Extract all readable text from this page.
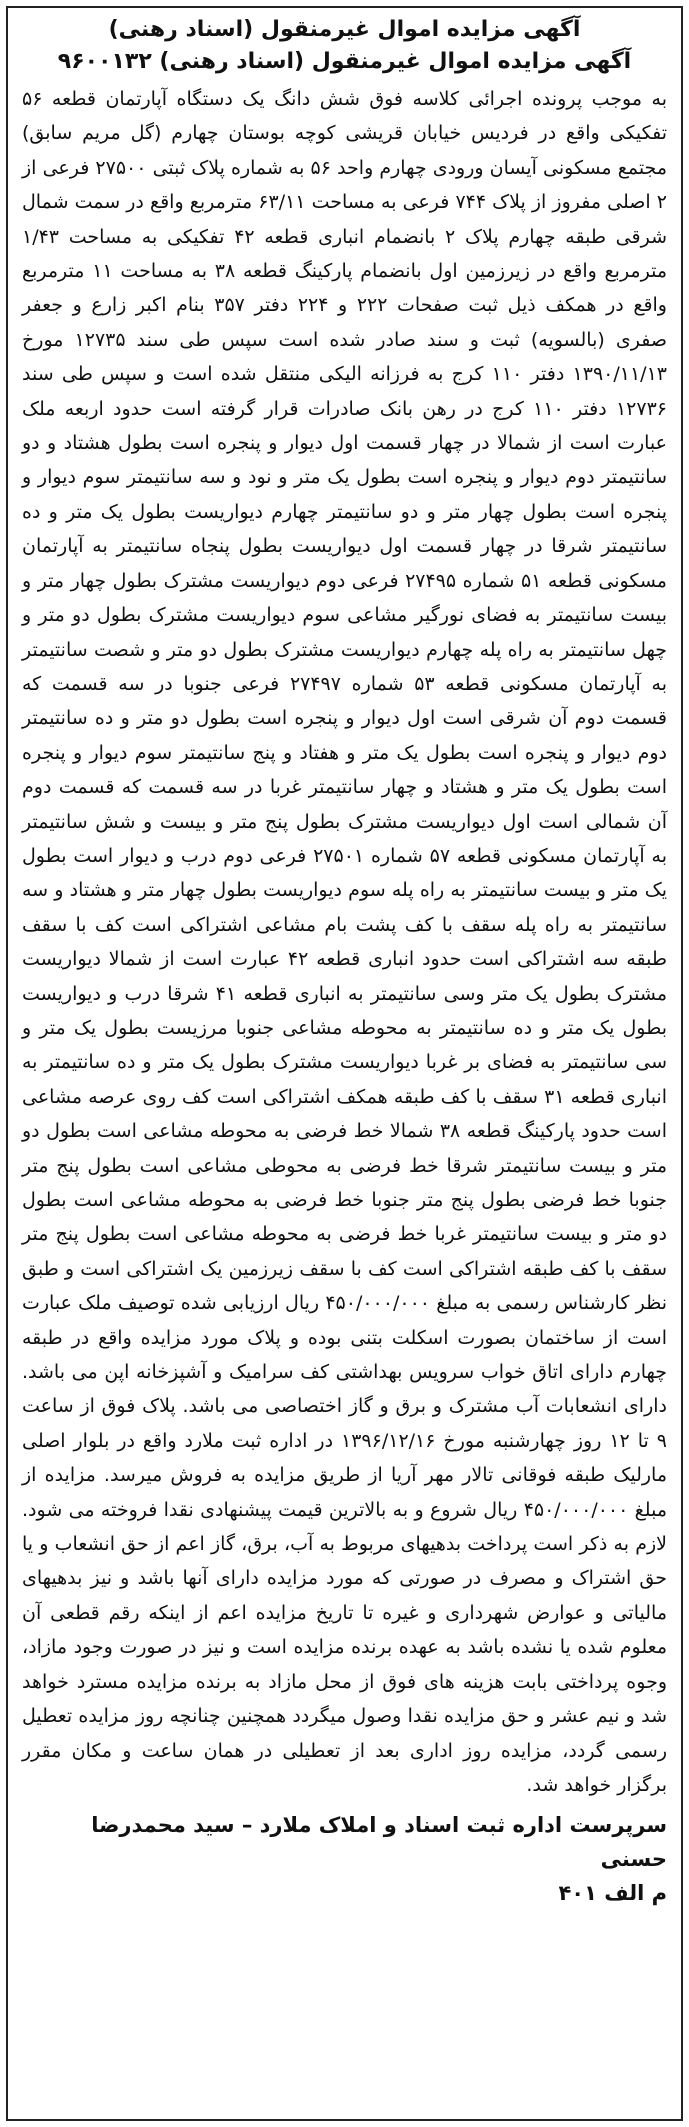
آگهی مزایده اموال غیرمنقول (اسناد رهنی)
آگهی مزایده اموال غیرمنقول (اسناد رهنی) ۹۶۰۰۱۳۲

به موجب پرونده اجرائی کلاسه فوق شش دانگ یک دستگاه آپارتمان قطعه ۵۶ تفکیکی واقع در فردیس خیابان قریشی کوچه بوستان چهارم (گل مریم سابق) مجتمع مسکونی آیسان ورودی چهارم واحد ۵۶ به شماره پلاک ثبتی ۲۷۵۰۰ فرعی از ۲ اصلی مفروز از پلاک ۷۴۴ فرعی به مساحت ۶۳/۱۱ مترمربع واقع در سمت شمال شرقی طبقه چهارم پلاک ۲ بانضمام انباری قطعه ۴۲ تفکیکی به مساحت ۱/۴۳ مترمربع واقع در زیرزمین اول بانضمام پارکینگ قطعه ۳۸ به مساحت ۱۱ مترمربع واقع در همکف ذیل ثبت صفحات ۲۲۲ و ۲۲۴ دفتر ۳۵۷ بنام اکبر زارع و جعفر صفری (بالسویه) ثبت و سند صادر شده است سپس طی سند ۱۲۷۳۵ مورخ ۱۳۹۰/۱۱/۱۳ دفتر ۱۱۰ کرج به فرزانه الیکی منتقل شده است و سپس طی سند ۱۲۷۳۶ دفتر ۱۱۰ کرج در رهن بانک صادرات قرار گرفته است حدود اربعه ملک عبارت است از شمالا در چهار قسمت اول دیوار و پنجره است بطول هشتاد و دو سانتیمتر دوم دیوار و پنجره است بطول یک متر و نود و سه سانتیمتر سوم دیوار و پنجره است بطول چهار متر و دو سانتیمتر چهارم دیواریست بطول یک متر و ده سانتیمتر شرقا در چهار قسمت اول دیواریست بطول پنجاه سانتیمتر به آپارتمان مسکونی قطعه ۵۱ شماره ۲۷۴۹۵ فرعی دوم دیواریست مشترک بطول چهار متر و بیست سانتیمتر به فضای نورگیر مشاعی سوم دیواریست مشترک بطول دو متر و چهل سانتیمتر به راه پله چهارم دیواریست مشترک بطول دو متر و شصت سانتیمتر به آپارتمان مسکونی قطعه ۵۳ شماره ۲۷۴۹۷ فرعی جنوبا در سه قسمت که قسمت دوم آن شرقی است اول دیوار و پنجره است بطول دو متر و ده سانتیمتر دوم دیوار و پنجره است بطول یک متر و هفتاد و پنج سانتیمتر سوم دیوار و پنجره است بطول یک متر و هشتاد و چهار سانتیمتر غربا در سه قسمت که قسمت دوم آن شمالی است اول دیواریست مشترک بطول پنج متر و بیست و شش سانتیمتر به آپارتمان مسکونی قطعه ۵۷ شماره ۲۷۵۰۱ فرعی دوم درب و دیوار است بطول یک متر و بیست سانتیمتر به راه پله سوم دیواریست بطول چهار متر و هشتاد و سه سانتیمتر به راه پله سقف با کف پشت بام مشاعی اشتراکی است کف با سقف طبقه سه اشتراکی است حدود انباری قطعه ۴۲ عبارت است از شمالا دیواریست مشترک بطول یک متر وسی سانتیمتر به انباری قطعه ۴۱ شرقا درب و دیواریست بطول یک متر و ده سانتیمتر به محوطه مشاعی جنوبا مرزیست بطول یک متر و سی سانتیمتر به فضای بر غربا دیواریست مشترک بطول یک متر و ده سانتیمتر به انباری قطعه ۳۱ سقف با کف طبقه همکف اشتراکی است کف روی عرصه مشاعی است حدود پارکینگ قطعه ۳۸ شمالا خط فرضی به محوطه مشاعی است بطول دو متر و بیست سانتیمتر شرقا خط فرضی به محوطی مشاعی است بطول پنج متر جنوبا خط فرضی بطول پنج متر جنوبا خط فرضی به محوطه مشاعی است بطول دو متر و بیست سانتیمتر غربا خط فرضی به محوطه مشاعی است بطول پنج متر سقف با کف طبقه اشتراکی است کف با سقف زیرزمین یک اشتراکی است و طبق نظر کارشناس رسمی به مبلغ ۴۵۰/۰۰۰/۰۰۰ ریال ارزیابی شده توصیف ملک عبارت است از ساختمان بصورت اسکلت بتنی بوده و پلاک مورد مزایده واقع در طبقه چهارم دارای اتاق خواب سرویس بهداشتی کف سرامیک و آشپزخانه اپن می باشد. دارای انشعابات آب مشترک و برق و گاز اختصاصی می باشد. پلاک فوق از ساعت ۹ تا ۱۲ روز چهارشنبه مورخ ۱۳۹۶/۱۲/۱۶ در اداره ثبت ملارد واقع در بلوار اصلی مارلیک طبقه فوقانی تالار مهر آریا از طریق مزایده به فروش میرسد. مزایده از مبلغ ۴۵۰/۰۰۰/۰۰۰ ریال شروع و به بالاترین قیمت پیشنهادی نقدا فروخته می شود. لازم به ذکر است پرداخت بدهیهای مربوط به آب، برق، گاز اعم از حق انشعاب و یا حق اشتراک و مصرف در صورتی که مورد مزایده دارای آنها باشد و نیز بدهیهای مالیاتی و عوارض شهرداری و غیره تا تاریخ مزایده اعم از اینکه رقم قطعی آن معلوم شده یا نشده باشد به عهده برنده مزایده است و نیز در صورت وجود مازاد، وجوه پرداختی بابت هزینه های فوق از محل مازاد به برنده مزایده مسترد خواهد شد و نیم عشر و حق مزایده نقدا وصول میگردد همچنین چنانچه روز مزایده تعطیل رسمی گردد، مزایده روز اداری بعد از تعطیلی در همان ساعت و مکان مقرر برگزار خواهد شد.

سرپرست اداره ثبت اسناد و املاک ملارد – سید محمدرضا حسنی

م الف ۴۰۱
